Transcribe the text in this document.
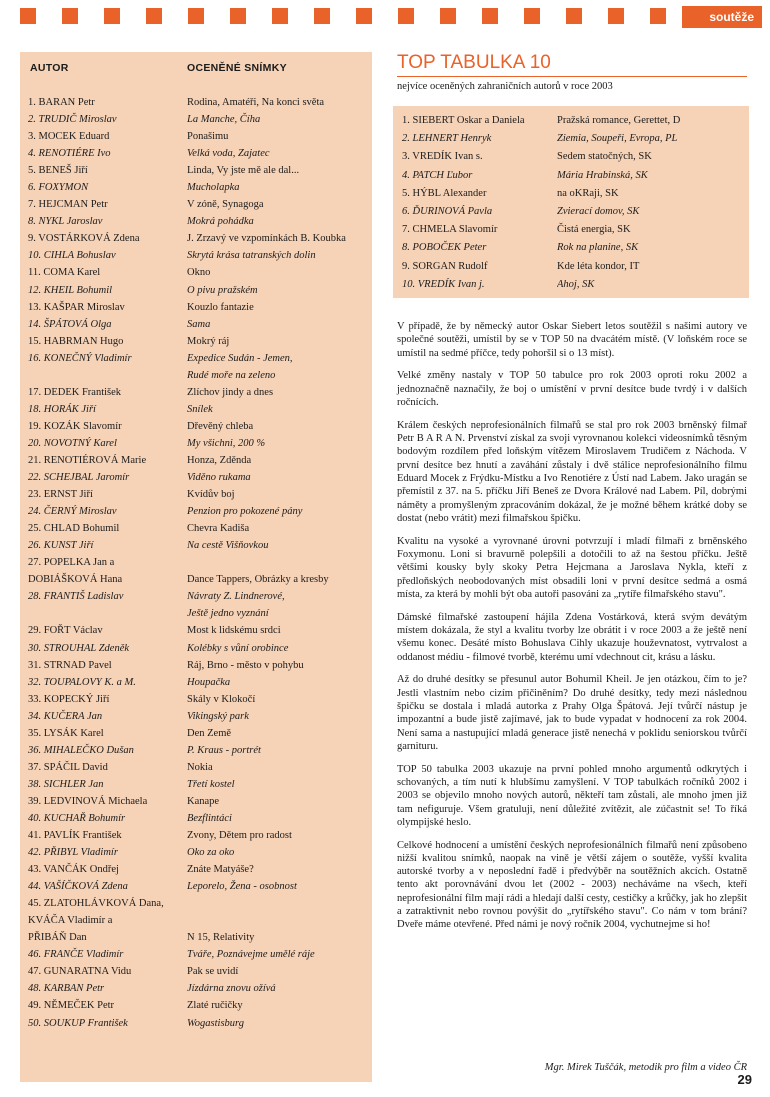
soutěže
AUTOR	OCENĚNÉ SNÍMKY
1. BARAN Petr	Rodina, Amatéři, Na konci světa
2. TRUDIČ Miroslav	La Manche, Číha
3. MOCEK Eduard	Ponašimu
4. RENOTIÉRE Ivo	Velká voda, Zajatec
5. BENEŠ Jiří	Linda, Vy jste mě ale dal...
6. FOXYMON	Mucholapka
7. HEJCMAN Petr	V zóně, Synagoga
8. NYKL Jaroslav	Mokrá pohádka
9. VOSTÁRKOVÁ Zdena	J. Zrzavý ve vzpomínkách B. Koubka
10. CIHLA Bohuslav	Skrytá krása tatranských dolin
11. COMA Karel	Okno
12. KHEIL Bohumil	O pivu pražském
13. KAŠPAR Miroslav	Kouzlo fantazie
14. ŠPÁTOVÁ Olga	Sama
15. HABRMAN Hugo	Mokrý ráj
16. KONEČNÝ Vladimír	Expedice Sudán - Jemen,
Rudé moře na zeleno
17. DEDEK František	Zlíchov jindy a dnes
18. HORÁK Jiří	Snílek
19. KOZÁK Slavomír	Dřevěný chleba
20. NOVOTNÝ Karel	My všichni, 200 %
21. RENOTIÉROVÁ Marie	Honza, Zděnda
22. SCHEJBAL Jaromír	Viděno rukama
23. ERNST Jiří	Kvídův boj
24. ČERNÝ Miroslav	Penzion pro pokozené pány
25. CHLAD Bohumil	Chevra Kadiša
26. KUNST Jiří	Na cestě Višňovkou
27. POPELKA Jan a
DOBIÁŠKOVÁ Hana	Dance Tappers, Obrázky a kresby
28. FRANTIŠ Ladislav	Návraty Z. Lindnerové,
Ještě jedno vyznání
29. FOŘT Václav	Most k lidskému srdci
30. STROUHAL Zdeněk	Kolébky s vůní orobince
31. STRNAD Pavel	Ráj, Brno - město v pohybu
32. TOUPALOVY K. a M.	Houpačka
33. KOPECKÝ Jiří	Skály v Klokočí
34. KUČERA Jan	Vikingský park
35. LYSÁK Karel	Den Země
36. MIHALEČKO Dušan	P. Kraus - portrét
37. SPÁČIL David	Nokia
38. SICHLER Jan	Třetí kostel
39. LEDVINOVÁ Michaela	Kanape
40. KUCHAŘ Bohumír	Bezflintáci
41. PAVLÍK František	Zvony, Dětem pro radost
42. PŘIBYL Vladimír	Oko za oko
43. VANČÁK Ondřej	Znáte Matyáše?
44. VAŠÍČKOVÁ Zdena	Leporelo, Žena - osobnost
45. ZLATOHLÁVKOVÁ Dana,
KVÁČA Vladimír a
PŘIBÁŇ Dan	N 15, Relativity
46. FRANČE Vladimír	Tváře, Poznávejme umělé ráje
47. GUNARATNA Vidu	Pak se uvidí
48. KARBAN Petr	Jízdárna znovu ožívá
49. NĚMEČEK Petr	Zlaté ručičky
50. SOUKUP František	Wogastisburg
TOP TABULKA 10
nejvíce oceněných zahraničních autorů v roce 2003
1. SIEBERT Oskar a Daniela	Pražská romance, Gerettet, D
2. LEHNERT Henryk	Ziemia, Soupeři, Evropa, PL
3. VREDÍK Ivan s.	Sedem statočných, SK
4. PATCH Ľubor	Mária Hrabinská, SK
5. HÝBL Alexander	na oKRaji, SK
6. ĎURINOVÁ Pavla	Zvierací domov, SK
7. CHMELA Slavomír	Čistá energia, SK
8. POBOČEK Peter	Rok na planine, SK
9. SORGAN Rudolf	Kde léta kondor, IT
10. VREDÍK Ivan j.	Ahoj, SK

V případě, že by německý autor Oskar Siebert letos soutěžil s našimi autory ve společné soutěži, umístil by se v TOP 50 na dvacátém místě. (V loňském roce se umístil na sedmé příčce, tedy pohoršil si o 13 míst).

Velké změny nastaly v TOP 50 tabulce pro rok 2003 oproti roku 2002 a jednoznačně naznačily, že boj o umístění v první desítce bude tvrdý i v dalších ročnících.

Králem českých neprofesionálních filmařů se stal pro rok 2003 brněnský filmař Petr B A R A N. Prvenství získal za svoji vyrovnanou kolekci videosnímků těsným bodovým rozdílem před loňským vítězem Miroslavem Trudičem z Náchoda. V první desítce bez hnutí a zaváhání zůstaly i dvě stálice neprofesionálního filmu Eduard Mocek z Frýdku-Místku a Ivo Renotiére z Ústí nad Labem. Jako uragán se přemístil z 37. na 5. příčku Jiří Beneš ze Dvora Králové nad Labem. Píl, dobrými náměty a promyšleným zpracováním dokázal, že je možné během krátké doby se dostat (nebo vrátit) mezi filmařskou špičku.

Kvalitu na vysoké a vyrovnané úrovni potvrzují i mladí filmaři z brněnského Foxymonu. Loni si bravurně polepšili a dotočili to až na šestou příčku. Ještě většími kousky byly skoky Petra Hejcmana a Jaroslava Nykla, kteří z předloňských neobodovaných míst obsadili loni v první desítce sedmá a osmá místa, za která by mohli být oba autoři pasováni za „rytíře filmařského stavu".

Dámské filmařské zastoupení hájila Zdena Vostárková, která svým devátým místem dokázala, že styl a kvalitu tvorby lze obrátit i v roce 2003 a že ještě není všemu konec. Desáté místo Bohuslava Cihly ukazuje houževnatost, vytrvalost a oddanost médiu - filmové tvorbě, kterému umí vdechnout cit, krásu a lásku.

Až do druhé desítky se přesunul autor Bohumil Kheil. Je jen otázkou, čím to je? Jestli vlastním nebo cizím přičiněním? Do druhé desítky, tedy mezi následnou špičku se dostala i mladá autorka z Prahy Olga Špátová. Její tvůrčí nástup je impozantní a bude jistě zajímavé, jak to bude vypadat v hodnocení za rok 2004. Není sama a nastupující mladá generace jistě nenechá v poklidu seniorskou tvůrčí garnituru.

TOP 50 tabulka 2003 ukazuje na první pohled mnoho argumentů odkrytých i schovaných, a tím nutí k hlubšímu zamyšlení. V TOP tabulkách ročníků 2002 i 2003 se objevilo mnoho nových autorů, někteří tam zůstali, ale mnoho jmen již tam nefiguruje. Všem gratuluji, není důležité zvítězit, ale zúčastnit se! To říká olympijské heslo.

Celkové hodnocení a umístění českých neprofesionálních filmařů není způsobeno nižší kvalitou snímků, naopak na vině je větší zájem o soutěže, vyšší kvalita autorské tvorby a v neposlední řadě i předvýběr na soutěžních akcích. Ostatně tento akt porovnávání dvou let (2002 - 2003) necháváme na všech, kteří neprofesionální film mají rádi a hledají další cesty, cestičky a krůčky, jak ho zlepšit a zatraktivnit nebo rovnou povýšit do „rytířského stavu". Co nám v tom brání? Dveře máme otevřené. Před námi je nový ročník 2004, vychutnejme si ho!

Mgr. Mirek Tuščák, metodik pro film a video ČR
29
